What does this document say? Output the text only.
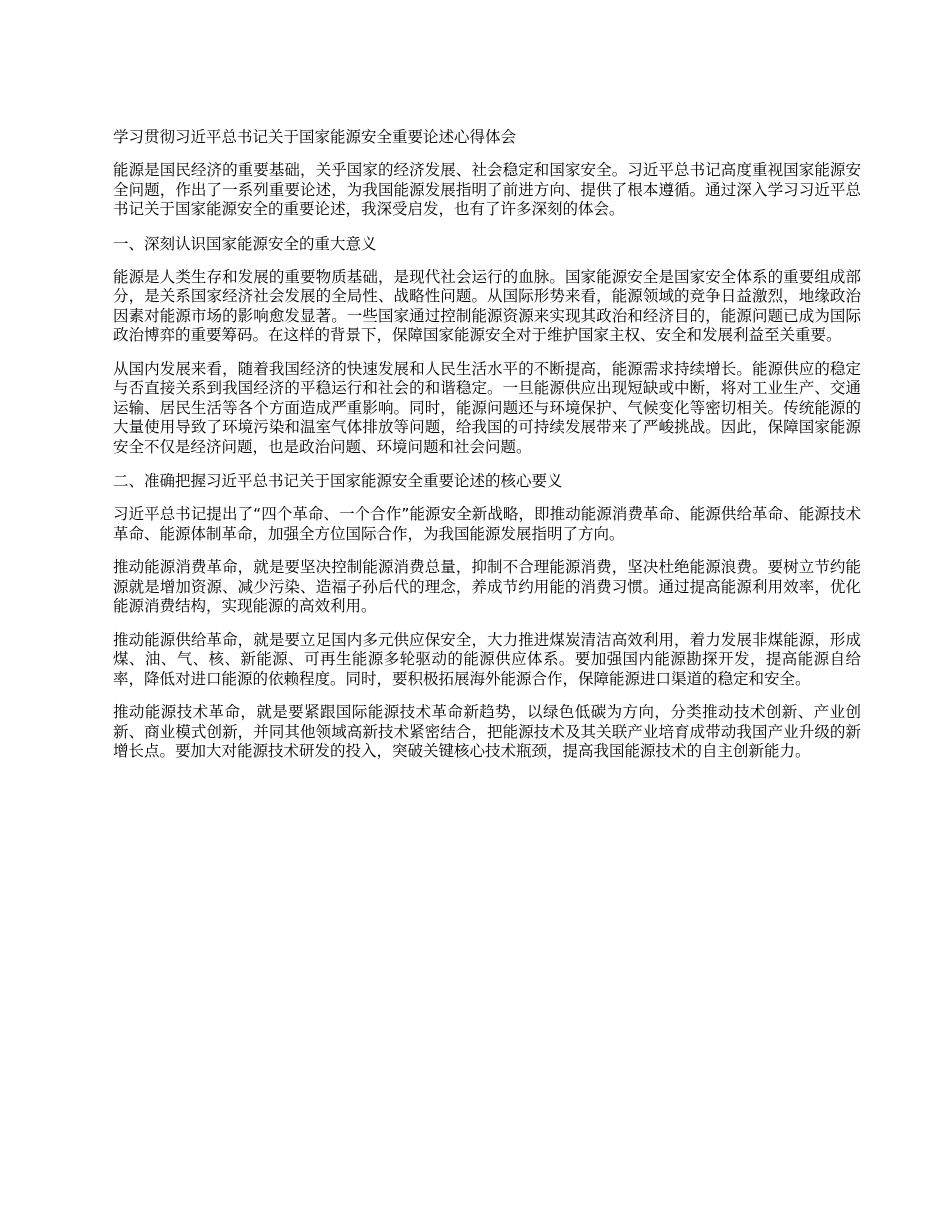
学习贯彻习近平总书记关于国家能源安全重要论述心得体会

能源是国民经济的重要基础，关乎国家的经济发展、社会稳定和国家安全。习近平总书记高度重视国家能源安全问题，作出了一系列重要论述，为我国能源发展指明了前进方向、提供了根本遵循。通过深入学习习近平总书记关于国家能源安全的重要论述，我深受启发，也有了许多深刻的体会。

一、深刻认识国家能源安全的重大意义

能源是人类生存和发展的重要物质基础，是现代社会运行的血脉。国家能源安全是国家安全体系的重要组成部分，是关系国家经济社会发展的全局性、战略性问题。从国际形势来看，能源领域的竞争日益激烈，地缘政治因素对能源市场的影响愈发显著。一些国家通过控制能源资源来实现其政治和经济目的，能源问题已成为国际政治博弈的重要筹码。在这样的背景下，保障国家能源安全对于维护国家主权、安全和发展利益至关重要。

从国内发展来看，随着我国经济的快速发展和人民生活水平的不断提高，能源需求持续增长。能源供应的稳定与否直接关系到我国经济的平稳运行和社会的和谐稳定。一旦能源供应出现短缺或中断，将对工业生产、交通运输、居民生活等各个方面造成严重影响。同时，能源问题还与环境保护、气候变化等密切相关。传统能源的大量使用导致了环境污染和温室气体排放等问题，给我国的可持续发展带来了严峻挑战。因此，保障国家能源安全不仅是经济问题，也是政治问题、环境问题和社会问题。

二、准确把握习近平总书记关于国家能源安全重要论述的核心要义

习近平总书记提出了“四个革命、一个合作”能源安全新战略，即推动能源消费革命、能源供给革命、能源技术革命、能源体制革命，加强全方位国际合作，为我国能源发展指明了方向。

推动能源消费革命，就是要坚决控制能源消费总量，抑制不合理能源消费，坚决杜绝能源浪费。要树立节约能源就是增加资源、减少污染、造福子孙后代的理念，养成节约用能的消费习惯。通过提高能源利用效率，优化能源消费结构，实现能源的高效利用。

推动能源供给革命，就是要立足国内多元供应保安全，大力推进煤炭清洁高效利用，着力发展非煤能源，形成煤、油、气、核、新能源、可再生能源多轮驱动的能源供应体系。要加强国内能源勘探开发，提高能源自给率，降低对进口能源的依赖程度。同时，要积极拓展海外能源合作，保障能源进口渠道的稳定和安全。

推动能源技术革命，就是要紧跟国际能源技术革命新趋势，以绿色低碳为方向，分类推动技术创新、产业创新、商业模式创新，并同其他领域高新技术紧密结合，把能源技术及其关联产业培育成带动我国产业升级的新增长点。要加大对能源技术研发的投入，突破关键核心技术瓶颈，提高我国能源技术的自主创新能力。
